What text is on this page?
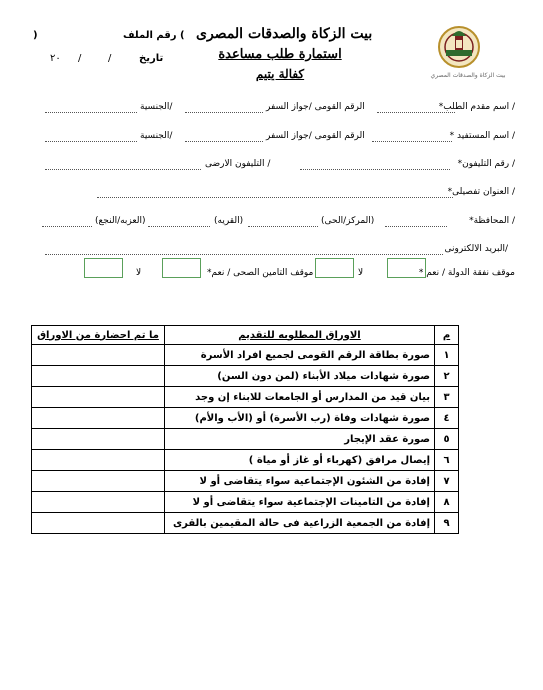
بيت الزكاة والصدقات المصري
بيت الزكاة والصدقات المصرى
استمارة طلب مساعدة
كفالة يتيم
رقم الملف (
)
تاريخ
/
/
٢٠
*اسم مقدم الطلب /
الرقم القومى /جواز السفر
الجنسية/
* اسم المستفيد /
الرقم القومى /جواز السفر
الجنسية/
*رقم التليفون /
التليفون الارضى /
*العنوان تفصيلى /
*المحافظة /
(المركز/الحى)
(القريه)
(العزبه/النجع)
البريد الالكترونى/
* موقف نفقة الدولة / نعم
لا
*موقف التامين الصحى / نعم
لا
م	الاوراق المطلوبه للتقديم	ما تم احضارة من الاوراق
١	صورة بطاقة الرقم القومى لجميع افراد الأسرة	
٢	صورة شهادات ميلاد الأبناء (لمن دون السن)	
٣	بيان قيد من المدارس أو الجامعات للابناء إن وجد	
٤	صورة شهادات وفاة (رب الأسرة) أو (الأب والأم)	
٥	صورة عقد الإيجار	
٦	إيصال مرافق (كهرباء أو غاز أو مياة )	
٧	إفادة من الشئون الإجتماعية سواء يتقاضى أو لا	
٨	إفادة من التامينات الإجتماعية سواء يتقاضى أو لا	
٩	إفادة من الجمعية الزراعية فى حالة المقيمين بالقرى	
